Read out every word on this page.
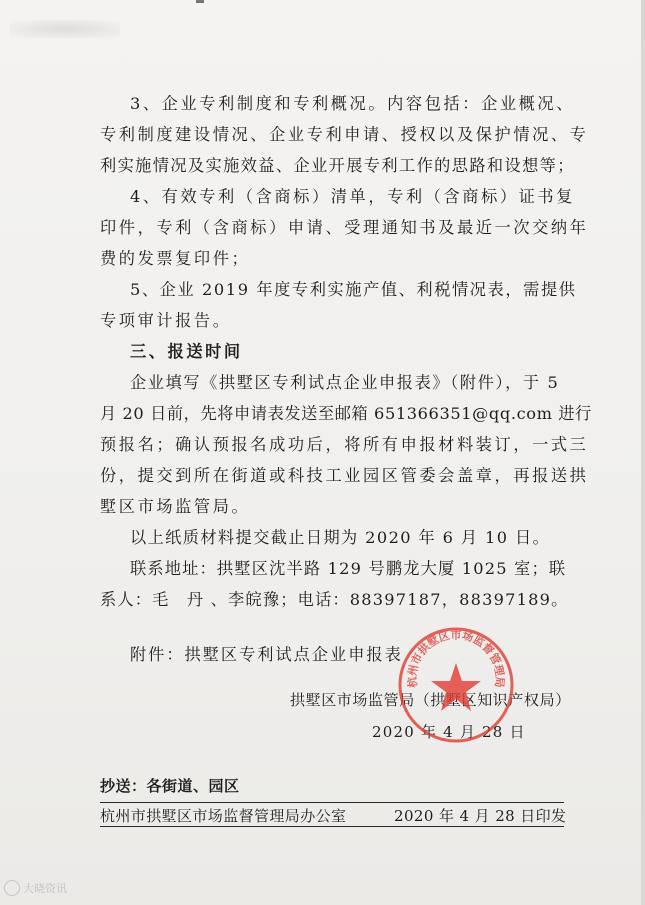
3、企业专利制度和专利概况。内容包括：企业概况、
专利制度建设情况、企业专利申请、授权以及保护情况、专
利实施情况及实施效益、企业开展专利工作的思路和设想等；
4、有效专利（含商标）清单，专利（含商标）证书复
印件，专利（含商标）申请、受理通知书及最近一次交纳年
费的发票复印件；
5、企业 2019 年度专利实施产值、利税情况表，需提供
专项审计报告。
三、报送时间
企业填写《拱墅区专利试点企业申报表》（附件），于 5
月 20 日前，先将申请表发送至邮箱 651366351@qq.com 进行
预报名；确认预报名成功后，将所有申报材料装订，一式三
份，提交到所在街道或科技工业园区管委会盖章，再报送拱
墅区市场监管局。
以上纸质材料提交截止日期为 2020 年 6 月 10 日。
联系地址：拱墅区沈半路 129 号鹏龙大厦 1025 室；联
系人：毛　丹 、李皖豫；电话：88397187，88397189。
附件：拱墅区专利试点企业申报表
拱墅区市场监管局（拱墅区知识产权局）
2020 年 4 月 28 日
杭州市拱墅区市场监督管理局
抄送：各街道、园区
杭州市拱墅区市场监督管理局办公室	2020 年 4 月 28 日印发
大晓资讯
